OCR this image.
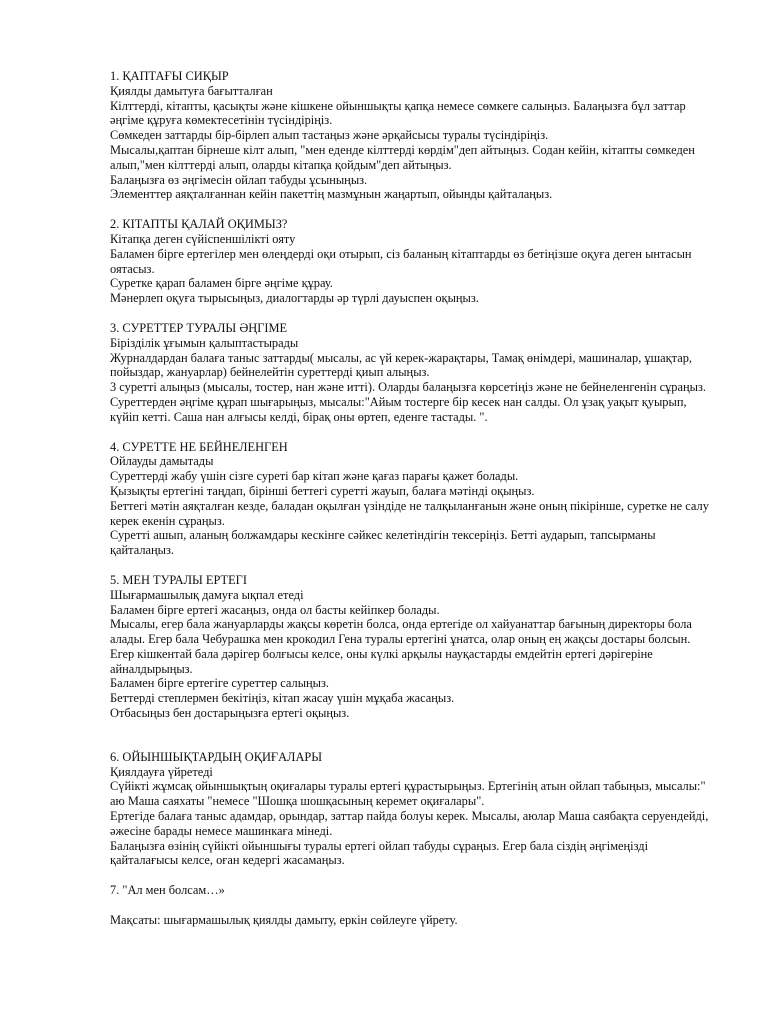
1. ҚАПТАҒЫ СИҚЫР

Қиялды дамытуға бағытталған

Кілттерді, кітапты, қасықты және кішкене ойыншықты қапқа немесе сөмкеге салыңыз. Балаңызға бұл заттар әңгіме құруға көмектесетінін түсіндіріңіз.

Сөмкеден заттарды бір-бірлеп алып тастаңыз және әрқайсысы туралы түсіндіріңіз.

Мысалы,қаптан бірнеше кілт алып, "мен еденде кілттерді көрдім"деп айтыңыз. Содан кейін, кітапты сөмкеден алып,"мен кілттерді алып, оларды кітапқа қойдым"деп айтыңыз.

Балаңызға өз әңгімесін ойлап табуды ұсыныңыз.

Элементтер аяқталғаннан кейін пакеттің мазмұнын жаңартып, ойынды қайталаңыз.

2. КІТАПТЫ ҚАЛАЙ ОҚИМЫЗ?

Кітапқа деген сүйіспеншілікті ояту

Баламен бірге ертегілер мен өлеңдерді оқи отырып, сіз баланың кітаптарды өз бетіңізше оқуға деген ынтасын оятасыз.

Суретке қарап баламен бірге әңгіме құрау.

Мәнерлеп оқуға тырысыңыз, диалогтарды әр түрлі дауыспен оқыңыз.

3. СУРЕТТЕР ТУРАЛЫ ӘҢГІМЕ

Біріздiлік ұғымын қалыптастырады

Журналдардан балаға таныс заттарды( мысалы, ас үй керек-жарақтары, Тамақ өнімдері, машиналар, ұшақтар, пойыздар, жануарлар) бейнелейтін суреттерді қиып алыңыз.

3 суретті алыңыз (мысалы, тостер, нан және итті). Оларды балаңызға көрсетіңіз және не бейнеленгенін сұраңыз.

Суреттерден әңгіме құрап шығарыңыз, мысалы:"Айым тостерге бір кесек нан салды. Ол ұзақ уақыт қуырып, күйіп кетті. Саша нан алғысы келді, бірақ оны өртеп, еденге тастады. ".

4. СУРЕТТЕ НЕ БЕЙНЕЛЕНГЕН

Ойлауды дамытады

Суреттерді жабу үшін сізге суреті бар кітап және қағаз парағы қажет болады.

Қызықты ертегіні таңдап, бірінші беттегі суретті жауып, балаға мәтінді оқыңыз.

Беттегі мәтін аяқталған кезде, баладан оқылған үзіндіде не талқыланғанын және оның пікірінше, суретке не салу керек екенін сұраңыз.

Суретті ашып, аланың болжамдары кескінге сәйкес келетіндігін тексеріңіз. Бетті аударып, тапсырманы қайталаңыз.

5. МЕН ТУРАЛЫ ЕРТЕГІ

Шығармашылық дамуға ықпал етеді

Баламен бірге ертегі жасаңыз, онда ол басты кейіпкер болады.

Мысалы, егер бала жануарларды жақсы көретін болса, онда ертегіде ол хайуанаттар бағының директоры бола алады. Егер бала Чебурашка мен крокодил Гена туралы ертегіні ұнатса, олар оның ең жақсы достары болсын. Егер кішкентай бала дәрігер болғысы келсе, оны күлкі арқылы науқастарды емдейтін ертегі дәрігеріне айналдырыңыз.

Баламен бірге ертегіге суреттер салыңыз.

Беттерді степлермен бекітіңіз, кітап жасау үшін мұқаба жасаңыз.

Отбасыңыз бен достарыңызға ертегі оқыңыз.

6. ОЙЫНШЫҚТАРДЫҢ ОҚИҒАЛАРЫ

Қиялдауға үйретеді

Сүйікті жұмсақ ойыншықтың оқиғалары туралы ертегі құрастырыңыз. Ертегінің атын ойлап табыңыз, мысалы:" аю Маша саяхаты "немесе "Шошқа шошқасының керемет оқиғалары".

Ертегіде балаға таныс адамдар, орындар, заттар пайда болуы керек. Мысалы, аюлар Маша саябақта серуендейді, әжесіне барады немесе машинкаға мінеді.

Балаңызға өзінің сүйікті ойыншығы туралы ертегі ойлап табуды сұраңыз. Егер бала сіздің әңгімеңізді қайталағысы келсе, оған кедергі жасамаңыз.

7. "Ал мен болсам…»

Мақсаты: шығармашылық қиялды дамыту, еркін сөйлеуге үйрету.
